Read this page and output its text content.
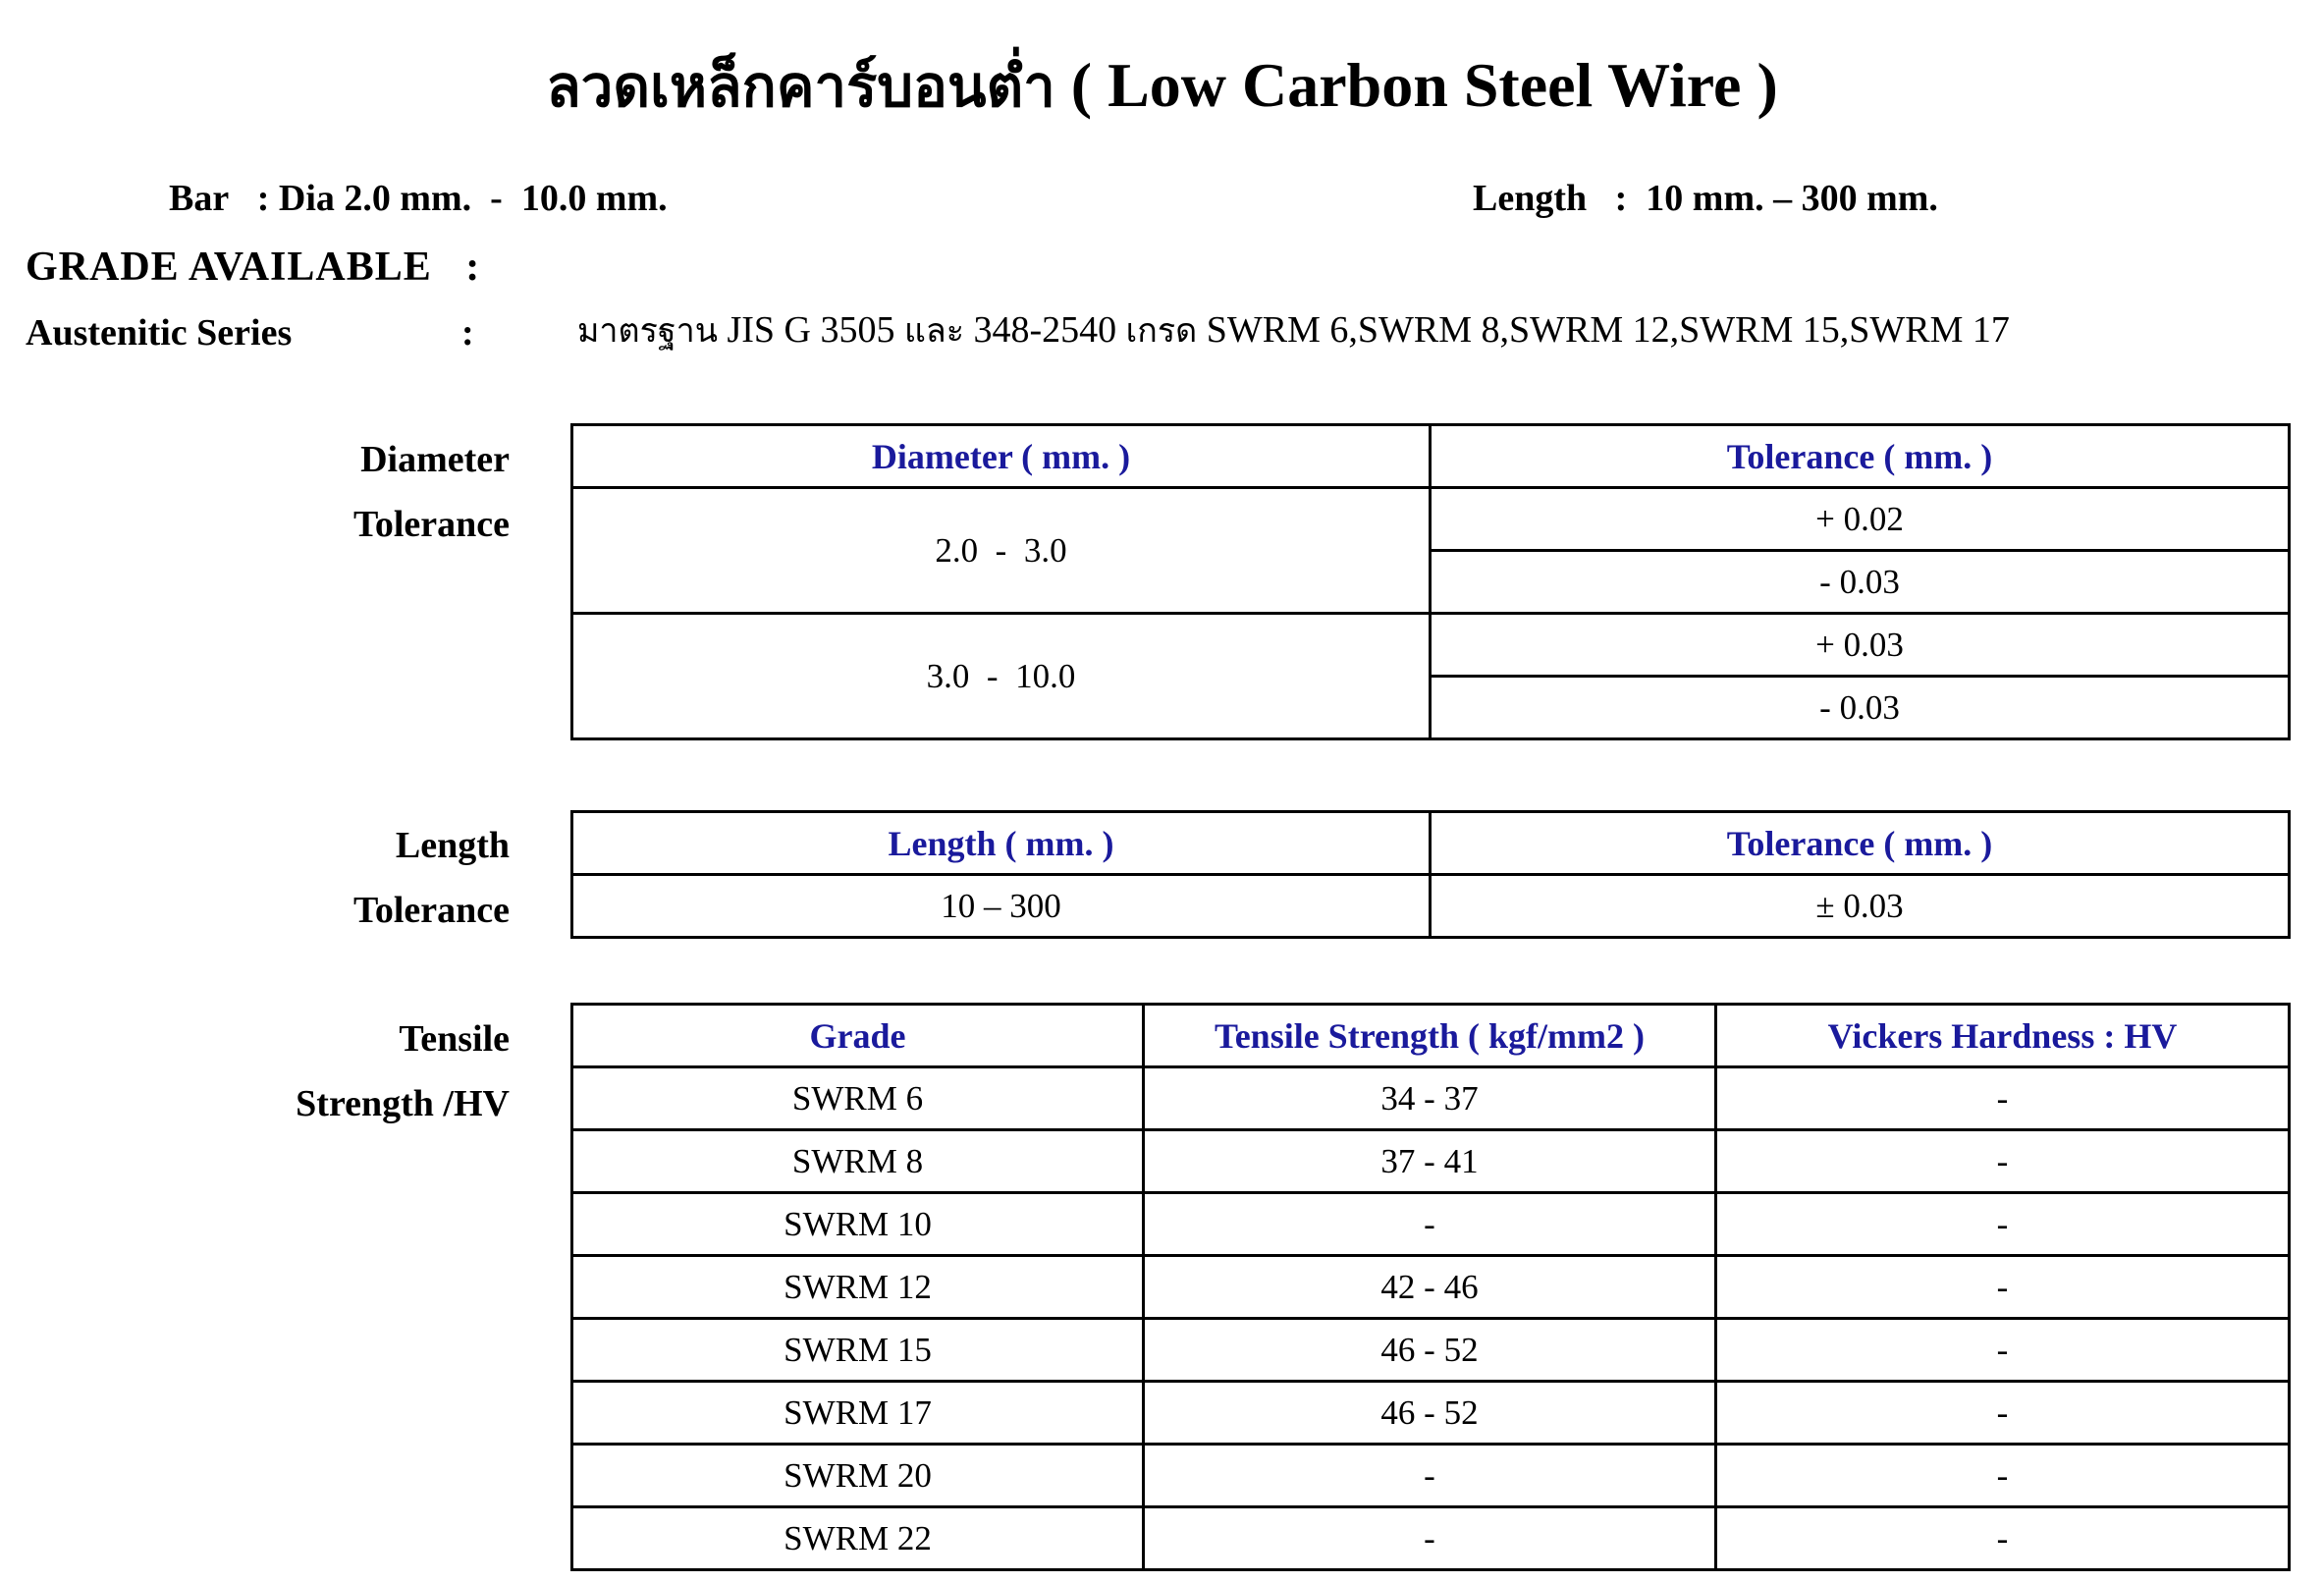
ลวดเหล็กคาร์บอนต่ำ ( Low Carbon Steel Wire )
Bar : Dia 2.0 mm.  -  10.0 mm.	Length :  10 mm. – 300 mm.
GRADE AVAILABLE   :
Austenitic Series	:	มาตรฐาน JIS G 3505 และ 348-2540 เกรด SWRM 6,SWRM 8,SWRM 12,SWRM 15,SWRM 17
Diameter
Tolerance
Diameter ( mm. )	Tolerance ( mm. )
2.0  -  3.0	+ 0.02
	- 0.03
3.0  -  10.0	+ 0.03
	- 0.03
Length
Tolerance
Length ( mm. )	Tolerance ( mm. )
10 – 300	± 0.03
Tensile
Strength /HV
Grade	Tensile Strength ( kgf/mm2 )	Vickers Hardness : HV
SWRM 6	34 - 37	-
SWRM 8	37 - 41	-
SWRM 10	-	-
SWRM 12	42 - 46	-
SWRM 15	46 - 52	-
SWRM 17	46 - 52	-
SWRM 20	-	-
SWRM 22	-	-
